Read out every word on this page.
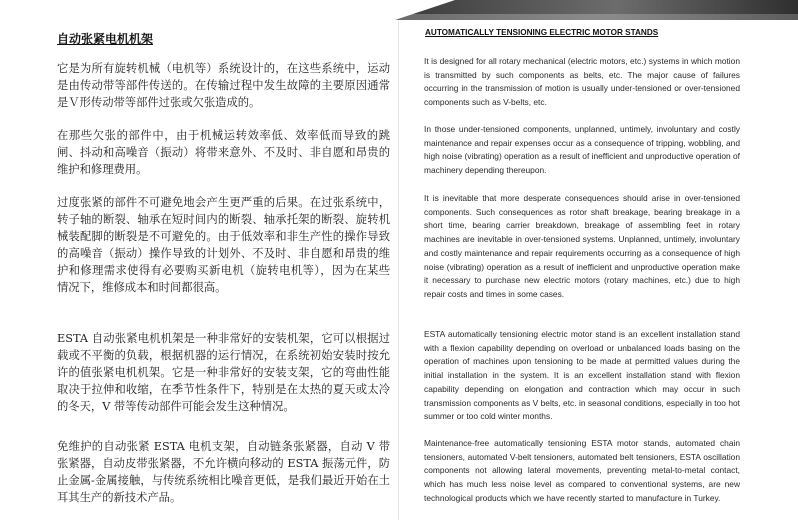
自动张紧电机机架

它是为所有旋转机械（电机等）系统设计的，在这些系统中，运动是由传动带等部件传送的。在传输过程中发生故障的主要原因通常是Ｖ形传动带等部件过张或欠张造成的。

在那些欠张的部件中，由于机械运转效率低、效率低而导致的跳闸、抖动和高噪音（振动）将带来意外、不及时、非自愿和昂贵的维护和修理费用。

过度张紧的部件不可避免地会产生更严重的后果。在过张系统中，转子轴的断裂、轴承在短时间内的断裂、轴承托架的断裂、旋转机械装配脚的断裂是不可避免的。由于低效率和非生产性的操作导致的高噪音（振动）操作导致的计划外、不及时、非自愿和昂贵的维护和修理需求使得有必要购买新电机（旋转电机等），因为在某些情况下，维修成本和时间都很高。

ESTA 自动张紧电机机架是一种非常好的安装机架，它可以根据过载或不平衡的负载，根据机器的运行情况，在系统初始安装时按允许的值张紧电机机架。它是一种非常好的安装支架，它的弯曲性能取决于拉伸和收缩，在季节性条件下，特别是在太热的夏天或太冷的冬天，V 带等传动部件可能会发生这种情况。

免维护的自动张紧 ESTA 电机支架，自动链条张紧器，自动 V 带张紧器，自动皮带张紧器，不允许横向移动的 ESTA 振荡元件，防止金属-金属接触，与传统系统相比噪音更低，是我们最近开始在土耳其生产的新技术产品。

AUTOMATICALLY TENSIONING ELECTRIC MOTOR STANDS

It is designed for all rotary mechanical (electric motors, etc.) systems in which motion is transmitted by such components as belts, etc. The major cause of failures occurring in the transmission of motion is usually under-tensioned or over-tensioned components such as V-belts, etc.

In those under-tensioned components, unplanned, untimely, involuntary and costly maintenance and repair expenses occur as a consequence of tripping, wobbling, and high noise (vibrating) operation as a result of inefficient and unproductive operation of machinery depending thereupon.

It is inevitable that more desperate consequences should arise in over-tensioned components. Such consequences as rotor shaft breakage, bearing breakage in a short time, bearing carrier breakdown, breakage of assembling feet in rotary machines are inevitable in over-tensioned systems. Unplanned, untimely, involuntary and costly maintenance and repair requirements occurring as a consequence of high noise (vibrating) operation as a result of inefficient and unproductive operation make it necessary to purchase new electric motors (rotary machines, etc.) due to high repair costs and times in some cases.

ESTA automatically tensioning electric motor stand is an excellent installation stand with a flexion capability depending on overload or unbalanced loads basing on the operation of machines upon tensioning to be made at permitted values during the initial installation in the system. It is an excellent installation stand with flexion capability depending on elongation and contraction which may occur in such transmission components as V belts, etc. in seasonal conditions, especially in too hot summer or too cold winter months.

Maintenance-free automatically tensioning ESTA motor stands, automated chain tensioners, automated V-belt tensioners, automated belt tensioners, ESTA oscillation components not allowing lateral movements, preventing metal-to-metal contact, which has much less noise level as compared to conventional systems, are new technological products which we have recently started to manufacture in Turkey.
